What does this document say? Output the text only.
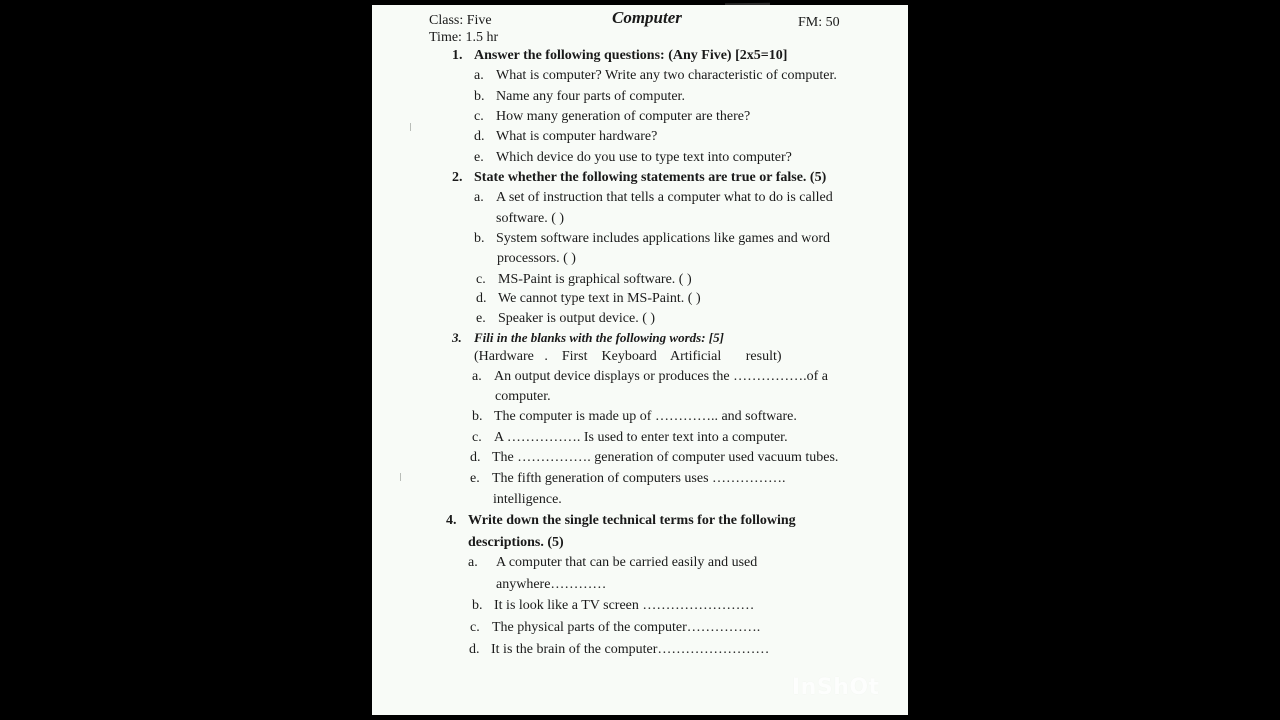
Class: Five
Time: 1.5 hr
Computer	FM: 50
1. Answer the following questions: (Any Five) [2x5=10]
a. What is computer? Write any two characteristic of computer.
b. Name any four parts of computer.
c. How many generation of computer are there?
d. What is computer hardware?
e. Which device do you use to type text into computer?
2. State whether the following statements are true or false. (5)
a. A set of instruction that tells a computer what to do is called
software. ( )
b. System software includes applications like games and word
processors. ( )
c. MS-Paint is graphical software. ( )
d. We cannot type text in MS-Paint. ( )
e. Speaker is output device. ( )
3. Fili in the blanks with the following words: [5]
(Hardware   .    First    Keyboard    Artificial       result)
a. An output device displays or produces the …………….of a
computer.
b. The computer is made up of ………….. and software.
c. A ……………. Is used to enter text into a computer.
d. The ……………. generation of computer used vacuum tubes.
e. The fifth generation of computers uses …………….
intelligence.
4. Write down the single technical terms for the following
descriptions. (5)
a. A computer that can be carried easily and used
anywhere…………
b. It is look like a TV screen ……………………
c. The physical parts of the computer…………….
d. It is the brain of the computer……………………
InShOt
